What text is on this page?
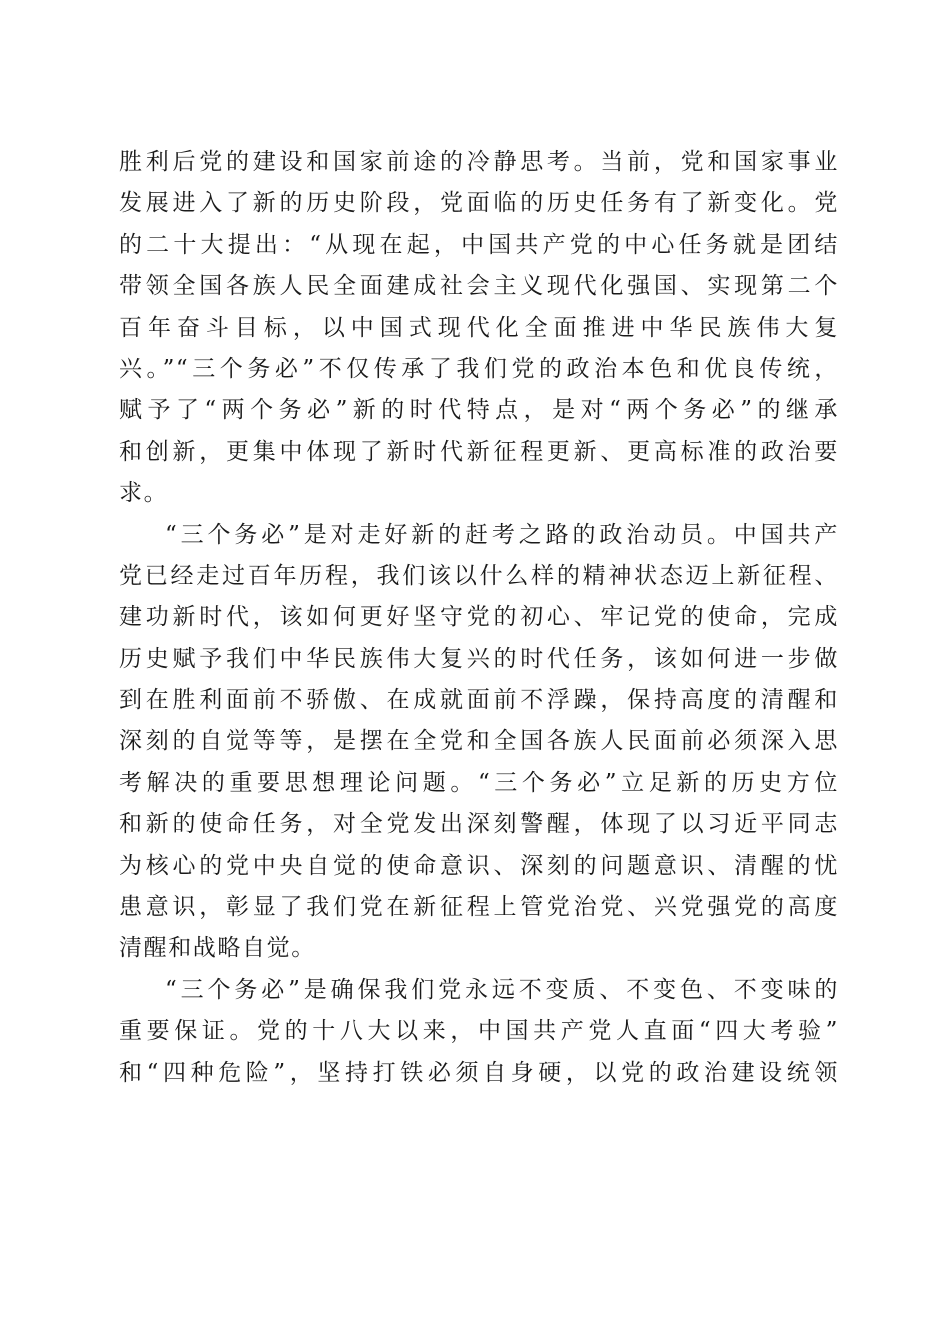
胜利后党的建设和国家前途的冷静思考。当前，党和国家事业
发展进入了新的历史阶段，党面临的历史任务有了新变化。党
的二十大提出：“从现在起，中国共产党的中心任务就是团结
带领全国各族人民全面建成社会主义现代化强国、实现第二个
百年奋斗目标，以中国式现代化全面推进中华民族伟大复
兴。”“三个务必”不仅传承了我们党的政治本色和优良传统，
赋予了“两个务必”新的时代特点，是对“两个务必”的继承
和创新，更集中体现了新时代新征程更新、更高标准的政治要
求。
“三个务必”是对走好新的赶考之路的政治动员。中国共产
党已经走过百年历程，我们该以什么样的精神状态迈上新征程、
建功新时代，该如何更好坚守党的初心、牢记党的使命，完成
历史赋予我们中华民族伟大复兴的时代任务，该如何进一步做
到在胜利面前不骄傲、在成就面前不浮躁，保持高度的清醒和
深刻的自觉等等，是摆在全党和全国各族人民面前必须深入思
考解决的重要思想理论问题。“三个务必”立足新的历史方位
和新的使命任务，对全党发出深刻警醒，体现了以习近平同志
为核心的党中央自觉的使命意识、深刻的问题意识、清醒的忧
患意识，彰显了我们党在新征程上管党治党、兴党强党的高度
清醒和战略自觉。
“三个务必”是确保我们党永远不变质、不变色、不变味的
重要保证。党的十八大以来，中国共产党人直面“四大考验”
和“四种危险”，坚持打铁必须自身硬，以党的政治建设统领
